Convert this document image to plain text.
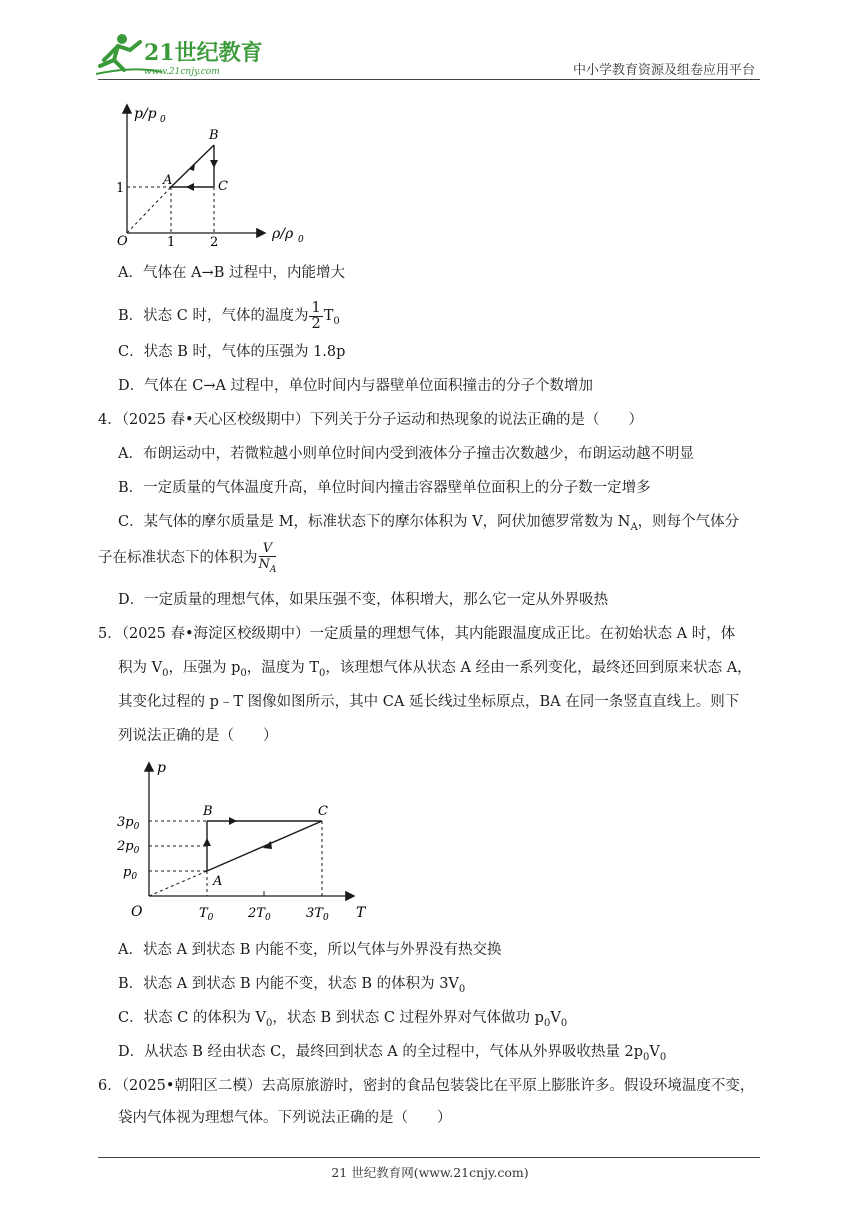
21世纪教育
www.21cnjy.com	中小学教育资源及组卷应用平台
p/p 0
ρ/ρ 0
O	1	2
1
A
B
C
A．气体在 A→B 过程中，内能增大
B．状态 C 时，气体的温度为 $\frac{1}{2} T_0$
C．状态 B 时，气体的压强为 1.8p
D．气体在 C→A 过程中，单位时间内与器壁单位面积撞击的分子个数增加
4．（2025 春•天心区校级期中）下列关于分子运动和热现象的说法正确的是（　　）
A．布朗运动中，若微粒越小则单位时间内受到液体分子撞击次数越少，布朗运动越不明显
B．一定质量的气体温度升高，单位时间内撞击容器壁单位面积上的分子数一定增多
C．某气体的摩尔质量是 M，标准状态下的摩尔体积为 V，阿伏加德罗常数为 $N_A$，则每个气体分
子在标准状态下的体积为 $\frac{V}{N_A}$
D．一定质量的理想气体，如果压强不变，体积增大，那么它一定从外界吸热
5．（2025 春•海淀区校级期中）一定质量的理想气体，其内能跟温度成正比。在初始状态 A 时，体
积为 $V_0$，压强为 $p_0$，温度为 $T_0$，该理想气体从状态 A 经由一系列变化，最终还回到原来状态 A，
其变化过程的 p﹣T 图像如图所示，其中 CA 延长线过坐标原点，BA 在同一条竖直直线上。则下
列说法正确的是（　　）
p
T
O
$3p_0$
$2p_0$
$p_0$
$T_0$	$2T_0$	$3T_0$
A
B	C
A．状态 A 到状态 B 内能不变，所以气体与外界没有热交换
B．状态 A 到状态 B 内能不变，状态 B 的体积为 $3V_0$
C．状态 C 的体积为 $V_0$，状态 B 到状态 C 过程外界对气体做功 $p_0V_0$
D．从状态 B 经由状态 C，最终回到状态 A 的全过程中，气体从外界吸收热量 $2p_0V_0$
6．（2025•朝阳区二模）去高原旅游时，密封的食品包装袋比在平原上膨胀许多。假设环境温度不变，
袋内气体视为理想气体。下列说法正确的是（　　）
21 世纪教育网(www.21cnjy.com)
